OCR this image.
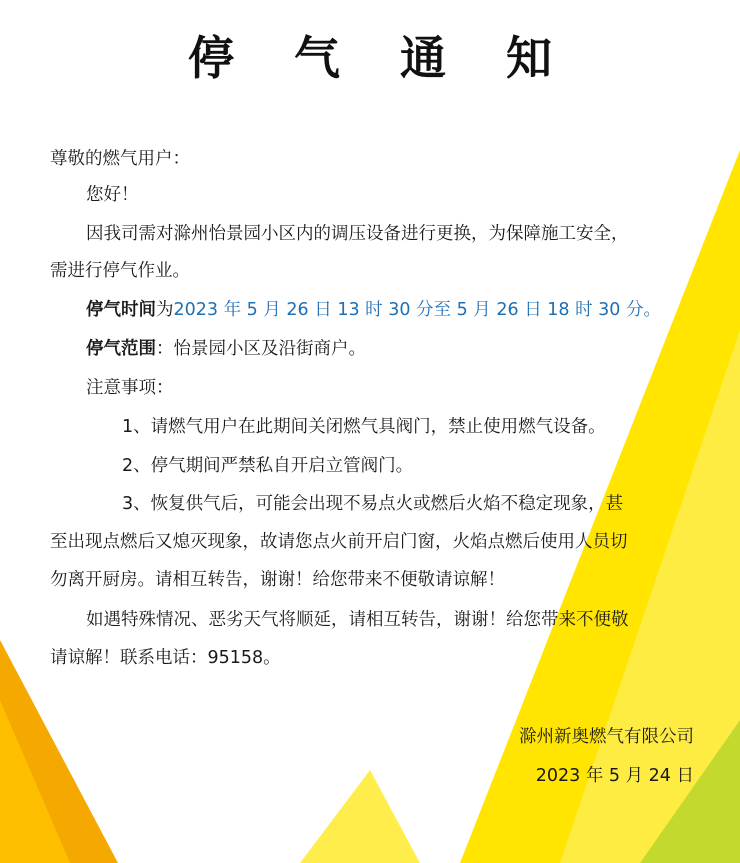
停 气 通 知
尊敬的燃气用户：
您好！
因我司需对滁州怡景园小区内的调压设备进行更换，为保障施工安全，
需进行停气作业。
停气时间为2023 年 5 月 26 日 13 时 30 分至 5 月 26 日 18 时 30 分。
停气范围：怡景园小区及沿街商户。
注意事项：
1、请燃气用户在此期间关闭燃气具阀门，禁止使用燃气设备。
2、停气期间严禁私自开启立管阀门。
3、恢复供气后，可能会出现不易点火或燃后火焰不稳定现象，甚
至出现点燃后又熄灭现象，故请您点火前开启门窗，火焰点燃后使用人员切
勿离开厨房。请相互转告，谢谢！给您带来不便敬请谅解！
如遇特殊情况、恶劣天气将顺延，请相互转告，谢谢！给您带来不便敬
请谅解！联系电话：95158。
滁州新奥燃气有限公司
2023 年 5 月 24 日
